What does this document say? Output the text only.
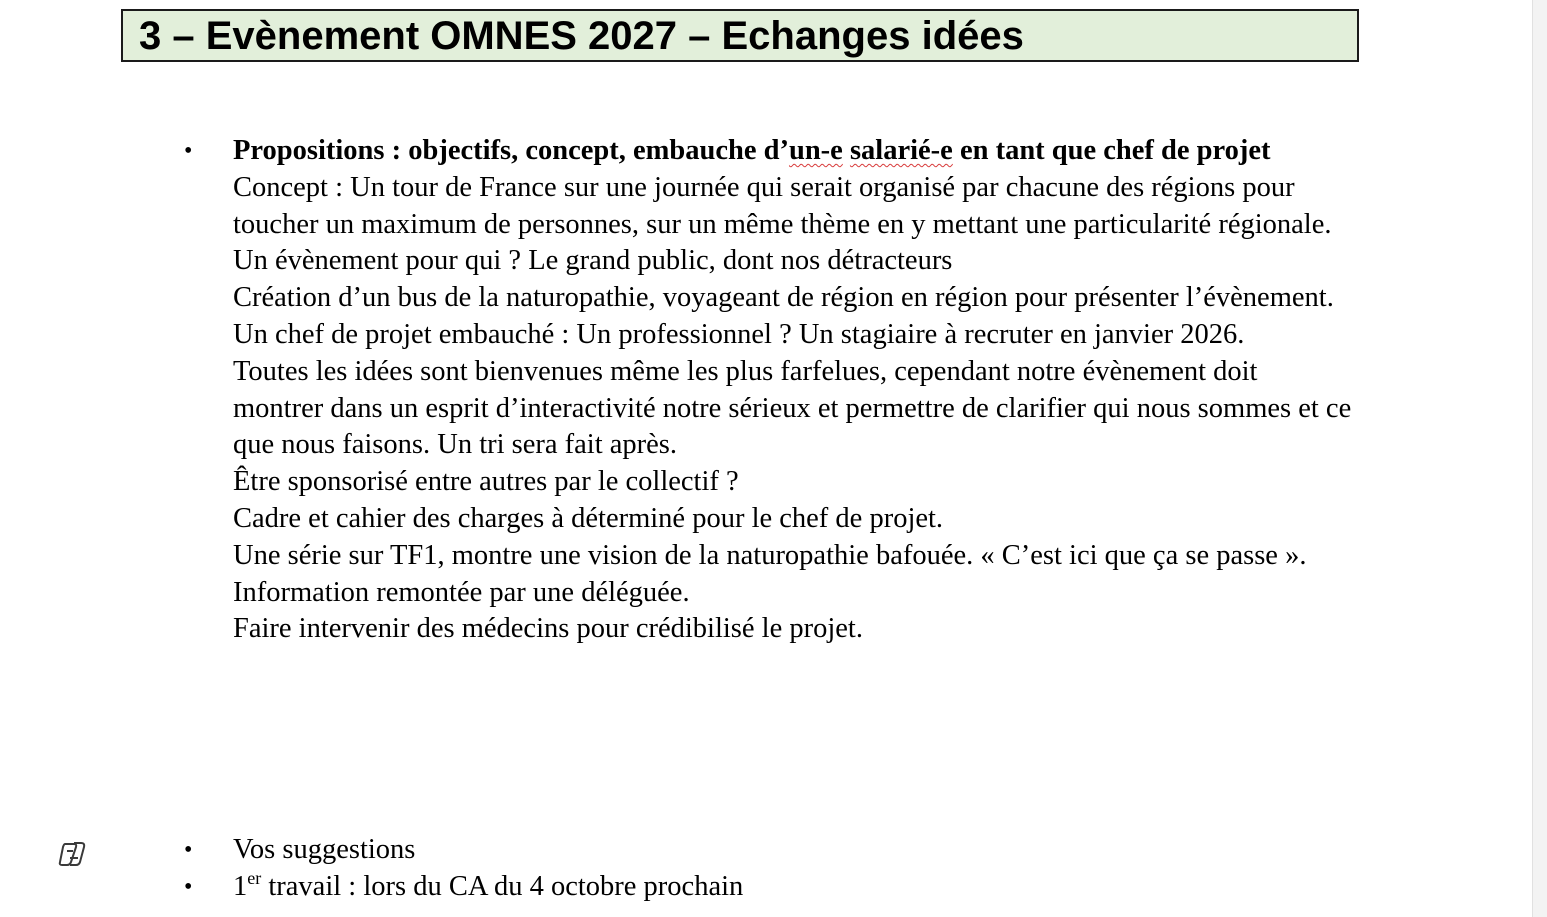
3 – Evènement OMNES 2027 – Echanges idées
• Propositions : objectifs, concept, embauche d’un-e salarié-e en tant que chef de projet
Concept : Un tour de France sur une journée qui serait organisé par chacune des régions pour toucher un maximum de personnes, sur un même thème en y mettant une particularité régionale.
Un évènement pour qui ? Le grand public, dont nos détracteurs
Création d’un bus de la naturopathie, voyageant de région en région pour présenter l’évènement.
Un chef de projet embauché : Un professionnel ? Un stagiaire à recruter en janvier 2026.
Toutes les idées sont bienvenues même les plus farfelues, cependant notre évènement doit montrer dans un esprit d’interactivité notre sérieux et permettre de clarifier qui nous sommes et ce que nous faisons. Un tri sera fait après.
Être sponsorisé entre autres par le collectif ?
Cadre et cahier des charges à déterminé pour le chef de projet.
Une série sur TF1, montre une vision de la naturopathie bafouée. « C’est ici que ça se passe ». Information remontée par une déléguée.
Faire intervenir des médecins pour crédibilisé le projet.
• Vos suggestions
• 1er travail : lors du CA du 4 octobre prochain
